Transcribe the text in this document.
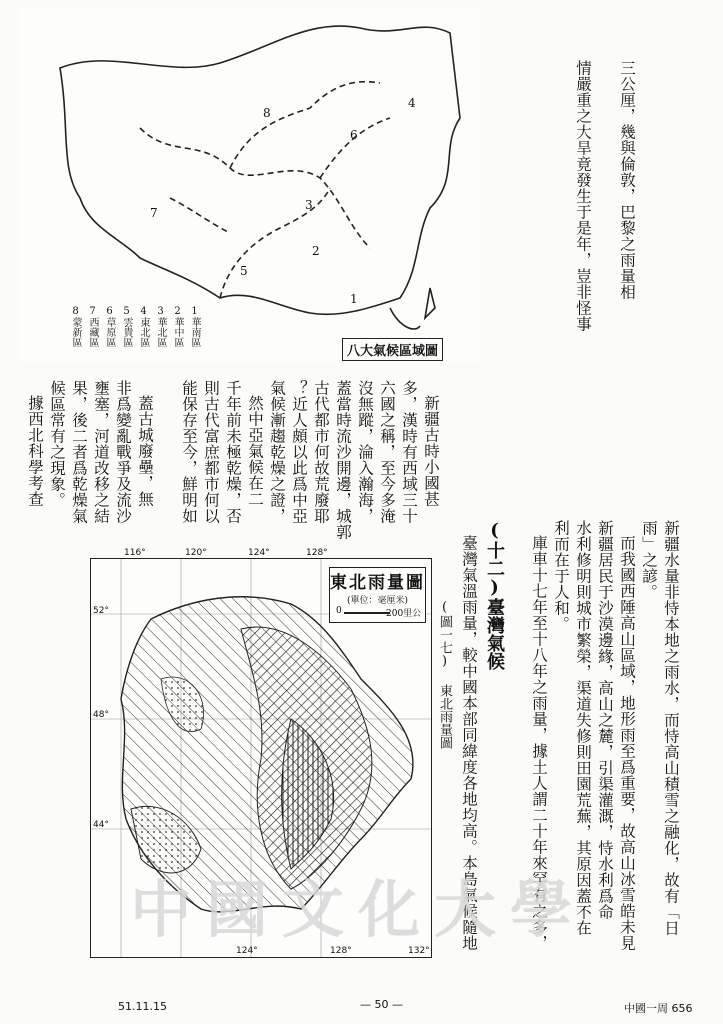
8
4
6
7
3
2
5
1
1華南區
2華中區
3華北區
4東北區
5雲貴區
6草原區
7西藏區
8蒙新區
八大氣候區域圖

三公厘，幾與倫敦，巴黎之雨量相

情嚴重之大旱竟發生于是年，豈非怪事

新疆古時小國甚
多，漢時有西域三十
六國之稱，至今多淹
沒無蹤，淪入瀚海，
蓋當時流沙開邊，城郭
古代都市何故荒廢耶
？近人頗以此爲中亞
氣候漸趨乾燥之證，
然中亞氣候在二
千年前未極乾燥，否
則古代富庶都市何以
能保存至今，鮮明如

蓋古城廢壘，無
非爲變亂戰爭及流沙
壅塞，河道改移之結
果，後二者爲乾燥氣
候區常有之現象。
據西北科學考查

新疆水量非恃本地之雨水，而恃高山積雪之融化，故有「日
雨」之諺。
而我國西陲高山區域，地形雨至爲重要，故高山冰雪皓未見
新疆居民于沙漠邊緣，高山之麓，引渠灌溉，恃水利爲命
水利修明則城市繁榮，渠道失修則田園荒蕪，其原因蓋不在
利而在于人和。
庫車十七年至十八年之雨量，據土人謂二十年來罕有之多，

(十二)臺灣氣候
臺灣氣溫雨量，較中國本部同緯度各地均高。本島氣候隨地
(圖一七) 東北雨量圖
東北雨量圖
(單位：毫厘米)
0	200里公
116°	120°	124°	128°
52°
48°
44°
124°	128°	132°
中國文化大學
— 50 —
51.11.15	中國一周 656
